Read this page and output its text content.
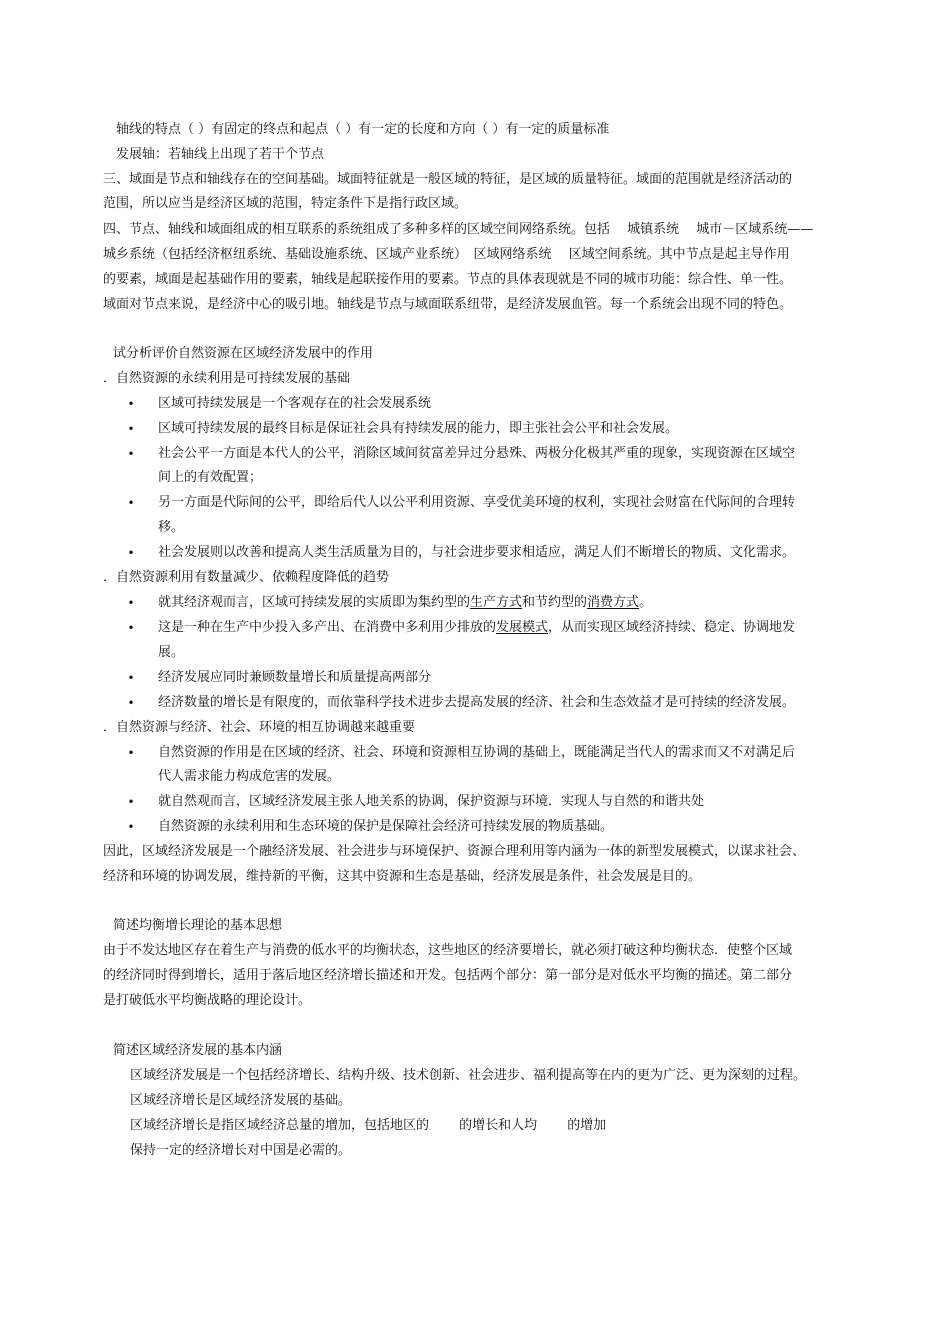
轴线的特点（ ）有固定的终点和起点（ ）有一定的长度和方向（ ）有一定的质量标准
发展轴：若轴线上出现了若干个节点
三、域面是节点和轴线存在的空间基础。域面特征就是一般区域的特征，是区域的质量特征。域面的范围就是经济活动的
范围，所以应当是经济区域的范围，特定条件下是指行政区域。
四、节点、轴线和域面组成的相互联系的系统组成了多种多样的区域空间网络系统。包括　 城镇系统　 城市－区域系统——
城乡系统（包括经济枢纽系统、基础设施系统、区域产业系统）　区域网络系统　 区域空间系统。其中节点是起主导作用
的要素，域面是起基础作用的要素，轴线是起联接作用的要素。节点的具体表现就是不同的城市功能：综合性、单一性。
域面对节点来说，是经济中心的吸引地。轴线是节点与域面联系纽带，是经济发展血管。每一个系统会出现不同的特色。
试分析评价自然资源在区域经济发展中的作用
．自然资源的永续利用是可持续发展的基础
• 区域可持续发展是一个客观存在的社会发展系统
• 区域可持续发展的最终目标是保证社会具有持续发展的能力，即主张社会公平和社会发展。
• 社会公平一方面是本代人的公平，消除区域间贫富差异过分悬殊、两极分化极其严重的现象，实现资源在区域空
间上的有效配置；
• 另一方面是代际间的公平，即给后代人以公平利用资源、享受优美环境的权利，实现社会财富在代际间的合理转
移。
• 社会发展则以改善和提高人类生活质量为目的，与社会进步要求相适应，满足人们不断增长的物质、文化需求。
．自然资源利用有数量减少、依赖程度降低的趋势
• 就其经济观而言，区域可持续发展的实质即为集约型的生产方式和节约型的消费方式。
• 这是一种在生产中少投入多产出、在消费中多利用少排放的发展模式，从而实现区域经济持续、稳定、协调地发
展。
• 经济发展应同时兼顾数量增长和质量提高两部分
• 经济数量的增长是有限度的，而依靠科学技术进步去提高发展的经济、社会和生态效益才是可持续的经济发展。
．自然资源与经济、社会、环境的相互协调越来越重要
• 自然资源的作用是在区域的经济、社会、环境和资源相互协调的基础上，既能满足当代人的需求而又不对满足后
代人需求能力构成危害的发展。
• 就自然观而言，区域经济发展主张人地关系的协调，保护资源与环境．实现人与自然的和谐共处
• 自然资源的永续利用和生态环境的保护是保障社会经济可持续发展的物质基础。
因此，区域经济发展是一个融经济发展、社会进步与环境保护、资源合理利用等内涵为一体的新型发展模式，以谋求社会、
经济和环境的协调发展，维持新的平衡，这其中资源和生态是基础，经济发展是条件，社会发展是目的。
简述均衡增长理论的基本思想
由于不发达地区存在着生产与消费的低水平的均衡状态，这些地区的经济要增长，就必须打破这种均衡状态．使整个区域
的经济同时得到增长，适用于落后地区经济增长描述和开发。包括两个部分：第一部分是对低水平均衡的描述。第二部分
是打破低水平均衡战略的理论设计。
简述区域经济发展的基本内涵
区域经济发展是一个包括经济增长、结构升级、技术创新、社会进步、福利提高等在内的更为广泛、更为深刻的过程。
区域经济增长是区域经济发展的基础。
区域经济增长是指区域经济总量的增加，包括地区的　　 的增长和人均　　 的增加
保持一定的经济增长对中国是必需的。
